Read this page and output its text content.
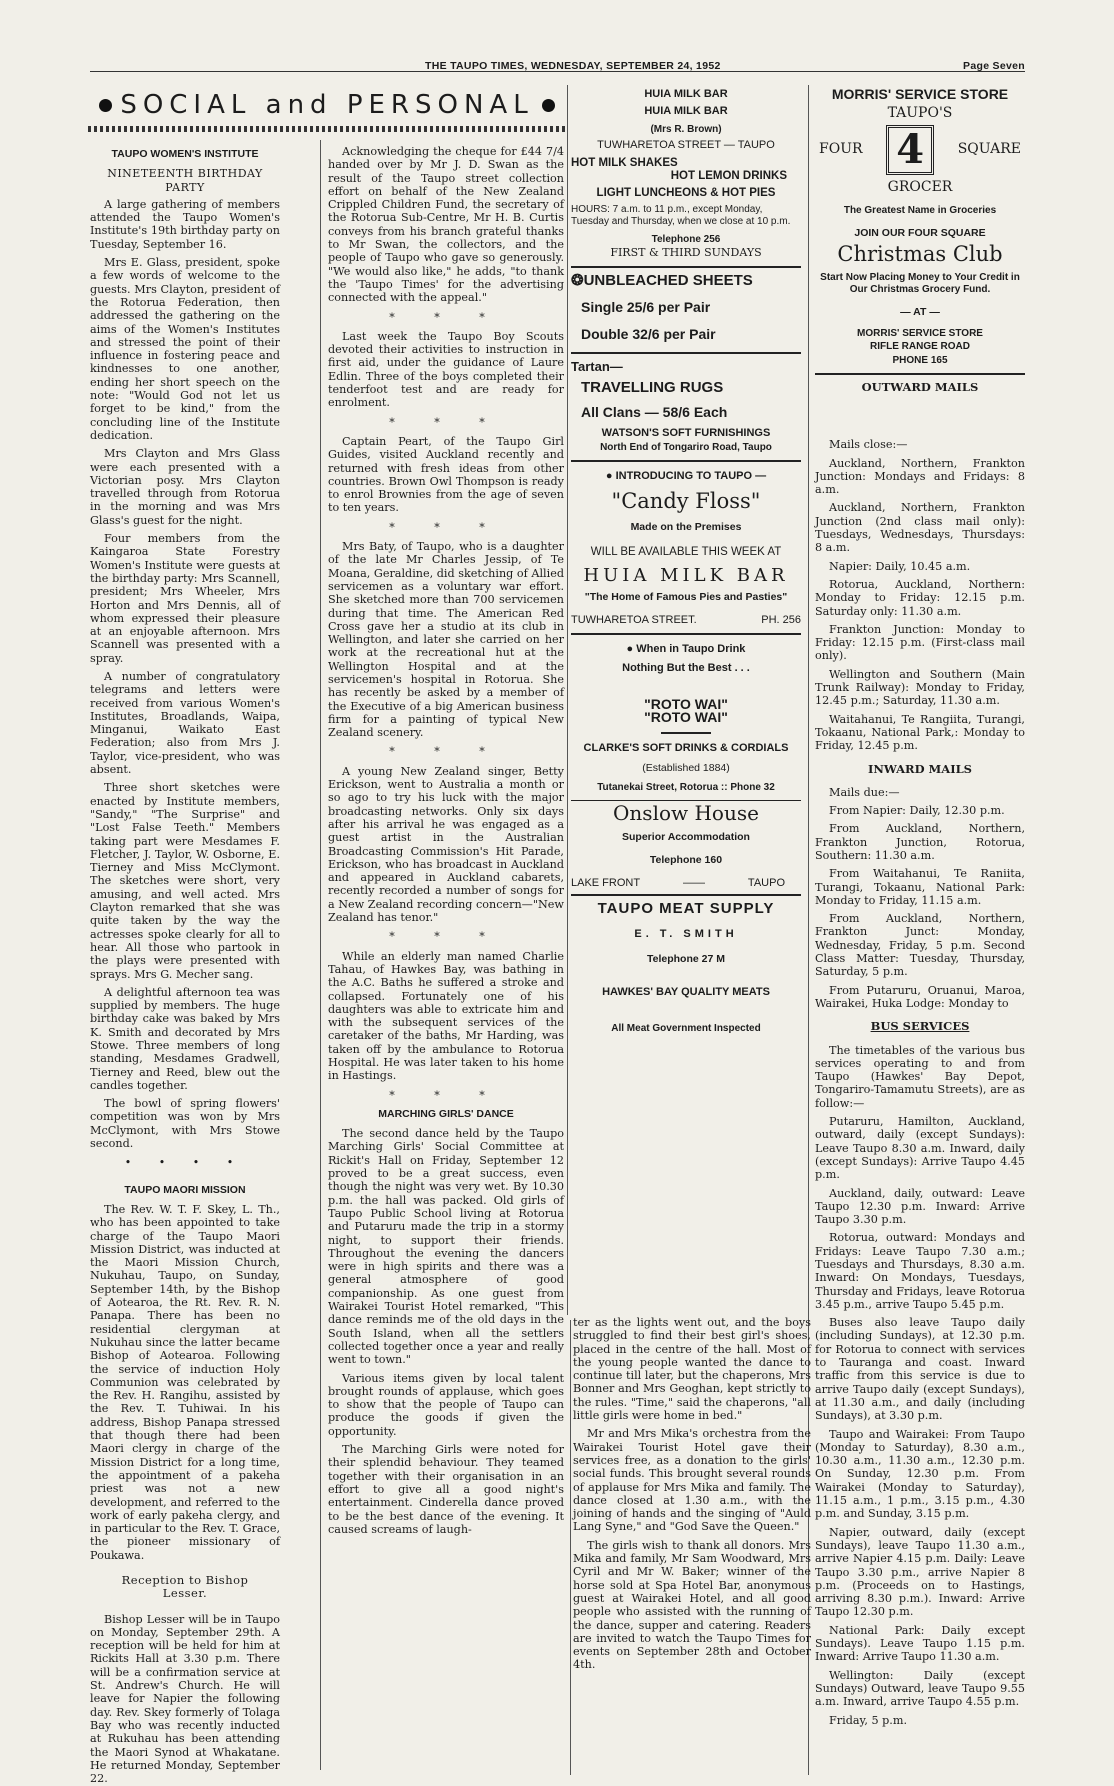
THE TAUPO TIMES, WEDNESDAY, SEPTEMBER 24, 1952	Page Seven
SOCIAL and PERSONAL
TAUPO WOMEN'S INSTITUTE
NINETEENTH BIRTHDAY PARTY

A large gathering of members attended the Taupo Women's Institute's 19th birthday party on Tuesday, September 16.

Mrs E. Glass, president, spoke a few words of welcome to the guests. Mrs Clayton, president of the Rotorua Federation, then addressed the gathering on the aims of the Women's Institutes and stressed the point of their influence in fostering peace and kindnesses to one another, ending her short speech on the note: "Would God not let us forget to be kind," from the concluding line of the Institute dedication.

Mrs Clayton and Mrs Glass were each presented with a Victorian posy. Mrs Clayton travelled through from Rotorua in the morning and was Mrs Glass's guest for the night.

Four members from the Kaingaroa State Forestry Women's Institute were guests at the birthday party: Mrs Scannell, president; Mrs Wheeler, Mrs Horton and Mrs Dennis, all of whom expressed their pleasure at an enjoyable afternoon. Mrs Scannell was presented with a spray.

A number of congratulatory telegrams and letters were received from various Women's Institutes, Broadlands, Waipa, Minganui, Waikato East Federation; also from Mrs J. Taylor, vice-president, who was absent.

Three short sketches were enacted by Institute members, "Sandy," "The Surprise" and "Lost False Teeth." Members taking part were Mesdames F. Fletcher, J. Taylor, W. Osborne, E. Tierney and Miss McClymont. The sketches were short, very amusing, and well acted. Mrs Clayton remarked that she was quite taken by the way the actresses spoke clearly for all to hear. All those who partook in the plays were presented with sprays. Mrs G. Mecher sang.

A delightful afternoon tea was supplied by members. The huge birthday cake was baked by Mrs K. Smith and decorated by Mrs Stowe. Three members of long standing, Mesdames Gradwell, Tierney and Reed, blew out the candles together.

The bowl of spring flowers' competition was won by Mrs McClymont, with Mrs Stowe second.

• • • •
TAUPO MAORI MISSION

The Rev. W. T. F. Skey, L. Th., who has been appointed to take charge of the Taupo Maori Mission District, was inducted at the Maori Mission Church, Nukuhau, Taupo, on Sunday, September 14th, by the Bishop of Aotearoa, the Rt. Rev. R. N. Panapa. There has been no residential clergyman at Nukuhau since the latter became Bishop of Aotearoa. Following the service of induction Holy Communion was celebrated by the Rev. H. Rangihu, assisted by the Rev. T. Tuhiwai. In his address, Bishop Panapa stressed that though there had been Maori clergy in charge of the Mission District for a long time, the appointment of a pakeha priest was not a new development, and referred to the work of early pakeha clergy, and in particular to the Rev. T. Grace, the pioneer missionary of Poukawa.

Reception to Bishop Lesser.

Bishop Lesser will be in Taupo on Monday, September 29th. A reception will be held for him at Rickits Hall at 3.30 p.m. There will be a confirmation service at St. Andrew's Church. He will leave for Napier the following day. Rev. Skey formerly of Tolaga Bay who was recently inducted at Rukuhau has been attending the Maori Synod at Whakatane. He returned Monday, September 22.

Acknowledging the cheque for £44 7/4 handed over by Mr J. D. Swan as the result of the Taupo street collection effort on behalf of the New Zealand Crippled Children Fund, the secretary of the Rotorua Sub-Centre, Mr H. B. Curtis conveys from his branch grateful thanks to Mr Swan, the collectors, and the people of Taupo who gave so generously. "We would also like," he adds, "to thank the 'Taupo Times' for the advertising connected with the appeal."

* * *

Last week the Taupo Boy Scouts devoted their activities to instruction in first aid, under the guidance of Laure Edlin. Three of the boys completed their tenderfoot test and are ready for enrolment.

* * *

Captain Peart, of the Taupo Girl Guides, visited Auckland recently and returned with fresh ideas from other countries. Brown Owl Thompson is ready to enrol Brownies from the age of seven to ten years.

* * *

Mrs Baty, of Taupo, who is a daughter of the late Mr Charles Jessip, of Te Moana, Geraldine, did sketching of Allied servicemen as a voluntary war effort. She sketched more than 700 servicemen during that time. The American Red Cross gave her a studio at its club in Wellington, and later she carried on her work at the recreational hut at the Wellington Hospital and at the servicemen's hospital in Rotorua. She has recently be asked by a member of the Executive of a big American business firm for a painting of typical New Zealand scenery.

* * *

A young New Zealand singer, Betty Erickson, went to Australia a month or so ago to try his luck with the major broadcasting networks. Only six days after his arrival he was engaged as a guest artist in the Australian Broadcasting Commission's Hit Parade, Erickson, who has broadcast in Auckland and appeared in Auckland cabarets, recently recorded a number of songs for a New Zealand recording concern—"New Zealand has tenor."

* * *

While an elderly man named Charlie Tahau, of Hawkes Bay, was bathing in the A.C. Baths he suffered a stroke and collapsed. Fortunately one of his daughters was able to extricate him and with the subsequent services of the caretaker of the baths, Mr Harding, was taken off by the ambulance to Rotorua Hospital. He was later taken to his home in Hastings.

* * *
MARCHING GIRLS' DANCE

The second dance held by the Taupo Marching Girls' Social Committee at Rickit's Hall on Friday, September 12 proved to be a great success, even though the night was very wet. By 10.30 p.m. the hall was packed. Old girls of Taupo Public School living at Rotorua and Putaruru made the trip in a stormy night, to support their friends. Throughout the evening the dancers were in high spirits and there was a general atmosphere of good companionship. As one guest from Wairakei Tourist Hotel remarked, "This dance reminds me of the old days in the South Island, when all the settlers collected together once a year and really went to town."

Various items given by local talent brought rounds of applause, which goes to show that the people of Taupo can produce the goods if given the opportunity.

The Marching Girls were noted for their splendid behaviour. They teamed together with their organisation in an effort to give all a good night's entertainment. Cinderella dance proved to be the best dance of the evening. It caused screams of laugh-

HUIA MILK BAR
HUIA MILK BAR
(Mrs R. Brown)
TUWHARETOA STREET — TAUPO
HOT MILK SHAKES
HOT LEMON DRINKS
LIGHT LUNCHEONS & HOT PIES
HOURS: 7 a.m. to 11 p.m., except Monday, Tuesday and Thursday, when we close at 10 p.m.
Telephone 256
FIRST & THIRD SUNDAYS
❂UNBLEACHED SHEETS
Single 25/6 per Pair
Double 32/6 per Pair
Tartan—
TRAVELLING RUGS
All Clans — 58/6 Each
WATSON'S SOFT FURNISHINGS
North End of Tongariro Road, Taupo
● INTRODUCING TO TAUPO —
"Candy Floss"
Made on the Premises
WILL BE AVAILABLE THIS WEEK AT
HUIA MILK BAR
"The Home of Famous Pies and Pasties"
TUWHARETOA STREET.	PH. 256
● When in Taupo Drink
Nothing But the Best . . .
"ROTO WAI"
"ROTO WAI"
CLARKE'S SOFT DRINKS & CORDIALS
(Established 1884)
Tutanekai Street, Rotorua :: Phone 32
Onslow House
Superior Accommodation
Telephone 160
LAKE FRONT	——	TAUPO
TAUPO MEAT SUPPLY
E. T. SMITH
Telephone 27 M
HAWKES' BAY QUALITY MEATS
All Meat Government Inspected
MORRIS' SERVICE STORE
TAUPO'S
FOUR 4	SQUARE
GROCER
The Greatest Name in Groceries
JOIN OUR FOUR SQUARE
Christmas Club
Start Now Placing Money to Your Credit in Our Christmas Grocery Fund.
— AT —
MORRIS' SERVICE STORE
RIFLE RANGE ROAD
PHONE 165
OUTWARD MAILS

Mails close:—

Auckland, Northern, Frankton Junction: Mondays and Fridays: 8 a.m.

Auckland, Northern, Frankton Junction (2nd class mail only): Tuesdays, Wednesdays, Thursdays: 8 a.m.

Napier: Daily, 10.45 a.m.

Rotorua, Auckland, Northern: Monday to Friday: 12.15 p.m. Saturday only: 11.30 a.m.

Frankton Junction: Monday to Friday: 12.15 p.m. (First-class mail only).

Wellington and Southern (Main Trunk Railway): Monday to Friday, 12.45 p.m.; Saturday, 11.30 a.m.

Waitahanui, Te Rangiita, Turangi, Tokaanu, National Park,: Monday to Friday, 12.45 p.m.

INWARD MAILS

Mails due:—

From Napier: Daily, 12.30 p.m.

From Auckland, Northern, Frankton Junction, Rotorua, Southern: 11.30 a.m.

From Waitahanui, Te Raniita, Turangi, Tokaanu, National Park: Monday to Friday, 11.15 a.m.

From Auckland, Northern, Frankton Junct: Monday, Wednesday, Friday, 5 p.m. Second Class Matter: Tuesday, Thursday, Saturday, 5 p.m.

From Putaruru, Oruanui, Maroa, Wairakei, Huka Lodge: Monday to

BUS SERVICES

The timetables of the various bus services operating to and from Taupo (Hawkes' Bay Depot, Tongariro-Tamamutu Streets), are as follow:—

Putaruru, Hamilton, Auckland, outward, daily (except Sundays): Leave Taupo 8.30 a.m. Inward, daily (except Sundays): Arrive Taupo 4.45 p.m.

Auckland, daily, outward: Leave Taupo 12.30 p.m. Inward: Arrive Taupo 3.30 p.m.

Rotorua, outward: Mondays and Fridays: Leave Taupo 7.30 a.m.; Tuesdays and Thursdays, 8.30 a.m. Inward: On Mondays, Tuesdays, Thursday and Fridays, leave Rotorua 3.45 p.m., arrive Taupo 5.45 p.m.

Buses also leave Taupo daily (including Sundays), at 12.30 p.m. for Rotorua to connect with services to Tauranga and coast. Inward traffic from this service is due to arrive Taupo daily (except Sundays), at 11.30 a.m., and daily (including Sundays), at 3.30 p.m.

Taupo and Wairakei: From Taupo (Monday to Saturday), 8.30 a.m., 10.30 a.m., 11.30 a.m., 12.30 p.m. On Sunday, 12.30 p.m. From Wairakei (Monday to Saturday), 11.15 a.m., 1 p.m., 3.15 p.m., 4.30 p.m. and Sunday, 3.15 p.m.

Napier, outward, daily (except Sundays), leave Taupo 11.30 a.m., arrive Napier 4.15 p.m. Daily: Leave Taupo 3.30 p.m., arrive Napier 8 p.m. (Proceeds on to Hastings, arriving 8.30 p.m.). Inward: Arrive Taupo 12.30 p.m.

National Park: Daily except Sundays). Leave Taupo 1.15 p.m. Inward: Arrive Taupo 11.30 a.m.

Wellington: Daily (except Sundays) Outward, leave Taupo 9.55 a.m. Inward, arrive Taupo 4.55 p.m.

Friday, 5 p.m.

ter as the lights went out, and the boys struggled to find their best girl's shoes, placed in the centre of the hall. Most of the young people wanted the dance to continue till later, but the chaperons, Mrs Bonner and Mrs Geoghan, kept strictly to the rules. "Time," said the chaperons, "all little girls were home in bed."

Mr and Mrs Mika's orchestra from the Wairakei Tourist Hotel gave their services free, as a donation to the girls' social funds. This brought several rounds of applause for Mrs Mika and family. The dance closed at 1.30 a.m., with the joining of hands and the singing of "Auld Lang Syne," and "God Save the Queen."

The girls wish to thank all donors. Mrs Mika and family, Mr Sam Woodward, Mrs Cyril and Mr W. Baker; winner of the horse sold at Spa Hotel Bar, anonymous guest at Wairakei Hotel, and all good people who assisted with the running of the dance, supper and catering. Readers are invited to watch the Taupo Times for events on September 28th and October 4th.
